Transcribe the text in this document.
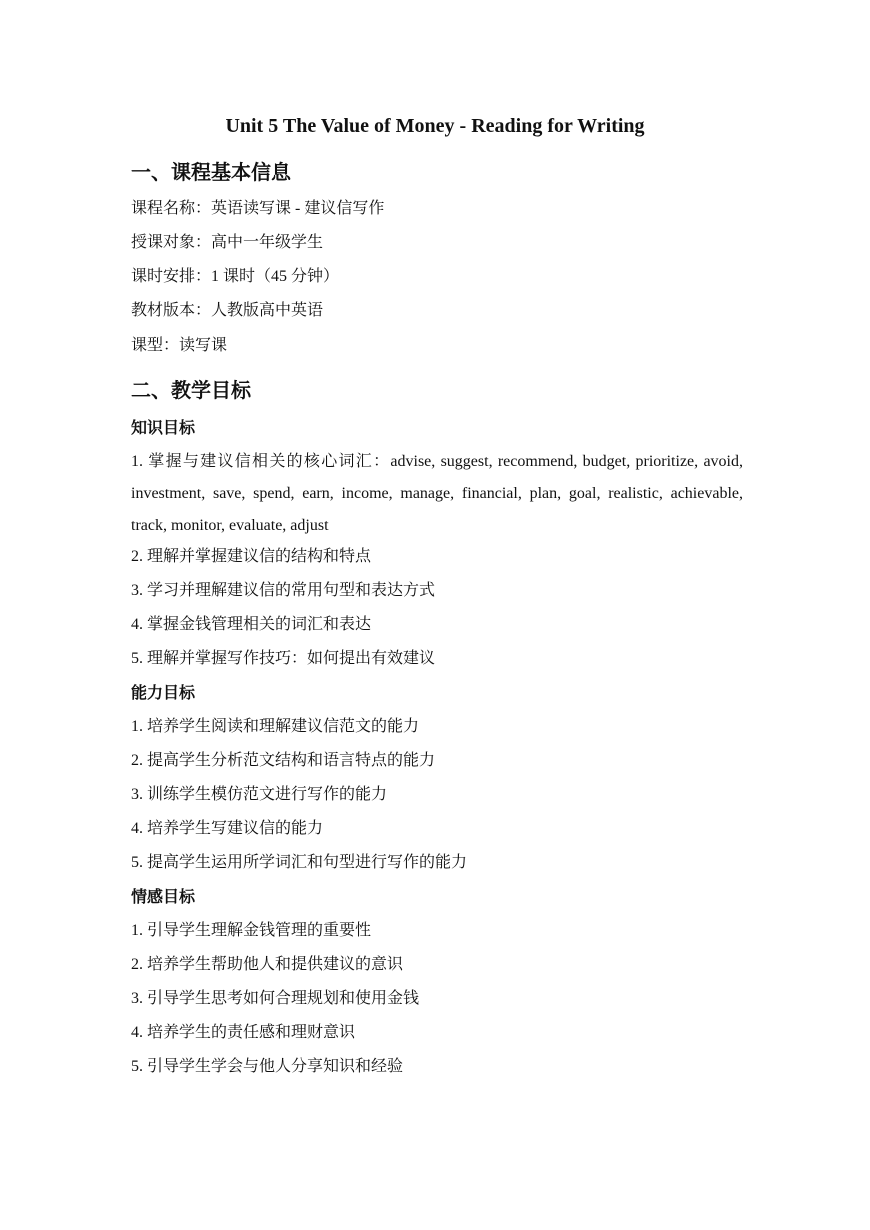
Unit 5 The Value of Money - Reading for Writing
一、课程基本信息
课程名称：英语读写课 - 建议信写作
授课对象：高中一年级学生
课时安排：1 课时（45 分钟）
教材版本：人教版高中英语
课型：读写课
二、教学目标
知识目标
1. 掌握与建议信相关的核心词汇：advise, suggest, recommend, budget, prioritize, avoid, investment, save, spend, earn, income, manage, financial, plan, goal, realistic, achievable, track, monitor, evaluate, adjust
2. 理解并掌握建议信的结构和特点
3. 学习并理解建议信的常用句型和表达方式
4. 掌握金钱管理相关的词汇和表达
5. 理解并掌握写作技巧：如何提出有效建议
能力目标
1. 培养学生阅读和理解建议信范文的能力
2. 提高学生分析范文结构和语言特点的能力
3. 训练学生模仿范文进行写作的能力
4. 培养学生写建议信的能力
5. 提高学生运用所学词汇和句型进行写作的能力
情感目标
1. 引导学生理解金钱管理的重要性
2. 培养学生帮助他人和提供建议的意识
3. 引导学生思考如何合理规划和使用金钱
4. 培养学生的责任感和理财意识
5. 引导学生学会与他人分享知识和经验
